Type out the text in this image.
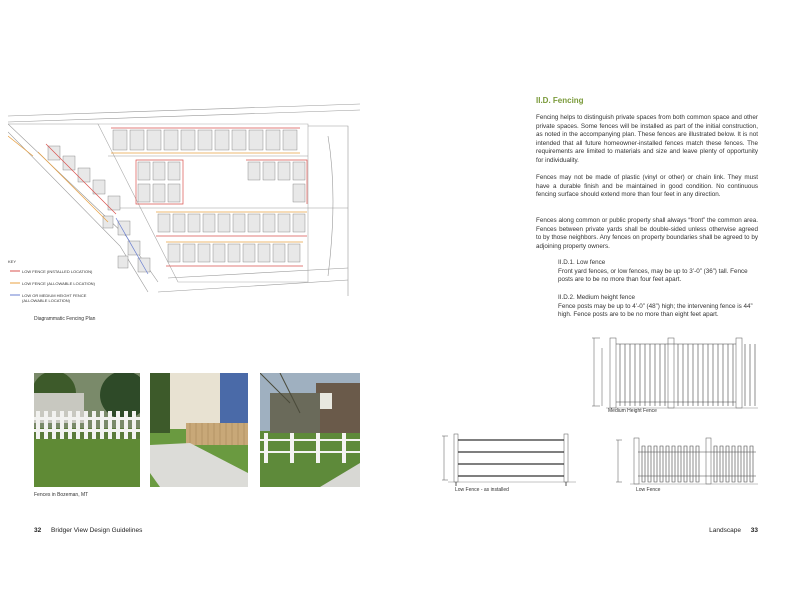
KEY
LOW FENCE (INSTALLED LOCATION)
LOW FENCE (ALLOWABLE LOCATION)
LOW OR MEDIUM HEIGHT FENCE (ALLOWABLE LOCATION)
Diagrammatic Fencing Plan
Fences in Bozeman, MT
II.D. Fencing
Fencing helps to distinguish private spaces from both common space and other private spaces. Some fences will be installed as part of the initial construction, as noted in the accompanying plan. These fences are illustrated below. It is not intended that all future homeowner-installed fences match these fences. The requirements are limited to materials and size and leave plenty of opportunity for individuality.
Fences may not be made of plastic (vinyl or other) or chain link. They must have a durable finish and be maintained in good condition. No continuous fencing surface should extend more than four feet in any direction.
Fences along common or public property shall always “front” the common area. Fences between private yards shall be double-sided unless otherwise agreed to by those neighbors. Any fences on property boundaries shall be agreed to by adjoining property owners.
II.D.1. Low fence
Front yard fences, or low fences, may be up to 3’-0” (36”) tall. Fence posts are to be no more than four feet apart.
II.D.2. Medium height fence
Fence posts may be up to 4’-0” (48”) high; the intervening fence is 44” high. Fence posts are to be no more than eight feet apart.
Medium Height Fence
Low Fence - as installed	Low Fence
32 Bridger View Design Guidelines	Landscape 33
